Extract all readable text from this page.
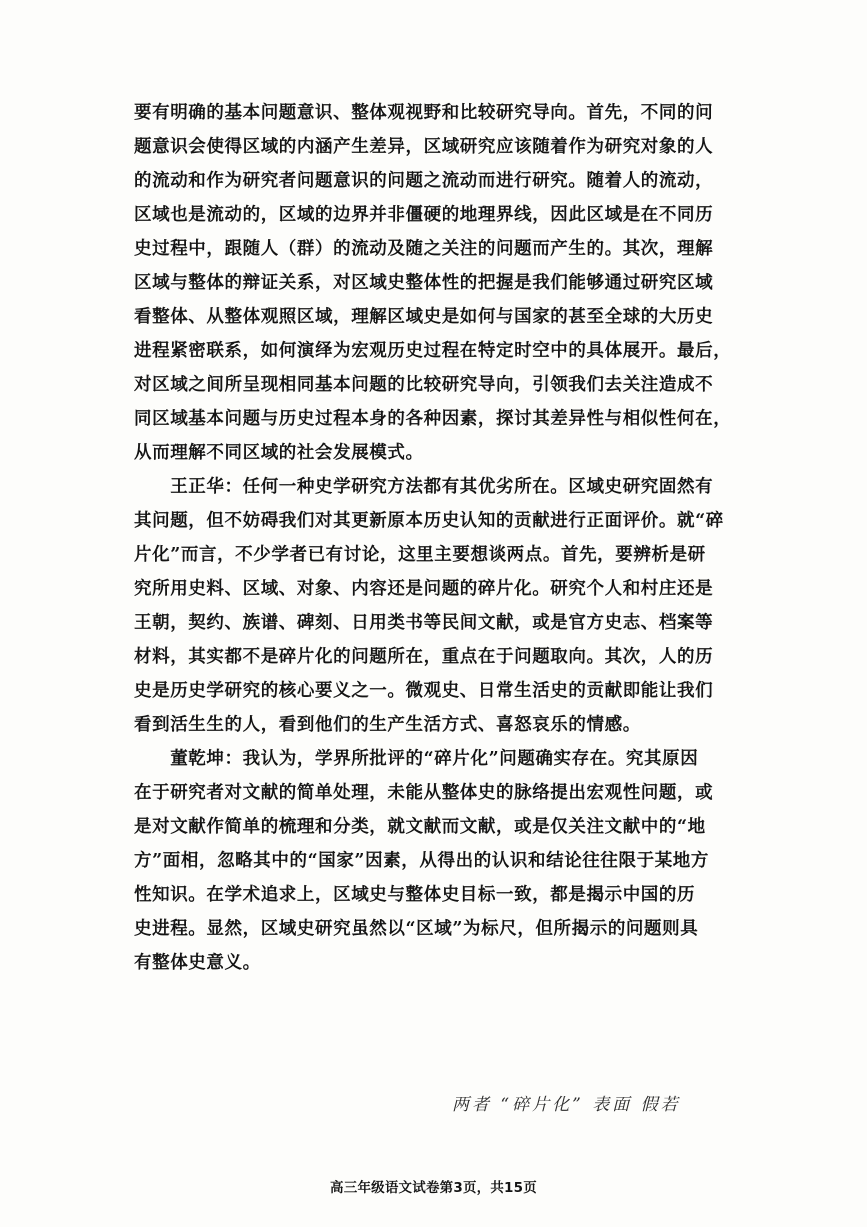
要有明确的基本问题意识、整体观视野和比较研究导向。首先，不同的问
题意识会使得区域的内涵产生差异，区域研究应该随着作为研究对象的人
的流动和作为研究者问题意识的问题之流动而进行研究。随着人的流动，
区域也是流动的，区域的边界并非僵硬的地理界线，因此区域是在不同历
史过程中，跟随人（群）的流动及随之关注的问题而产生的。其次，理解
区域与整体的辩证关系，对区域史整体性的把握是我们能够通过研究区域
看整体、从整体观照区域，理解区域史是如何与国家的甚至全球的大历史
进程紧密联系，如何演绎为宏观历史过程在特定时空中的具体展开。最后，
对区域之间所呈现相同基本问题的比较研究导向，引领我们去关注造成不
同区域基本问题与历史过程本身的各种因素，探讨其差异性与相似性何在，
从而理解不同区域的社会发展模式。
　　王正华：任何一种史学研究方法都有其优劣所在。区域史研究固然有
其问题，但不妨碍我们对其更新原本历史认知的贡献进行正面评价。就“碎
片化”而言，不少学者已有讨论，这里主要想谈两点。首先，要辨析是研
究所用史料、区域、对象、内容还是问题的碎片化。研究个人和村庄还是
王朝，契约、族谱、碑刻、日用类书等民间文献，或是官方史志、档案等
材料，其实都不是碎片化的问题所在，重点在于问题取向。其次，人的历
史是历史学研究的核心要义之一。微观史、日常生活史的贡献即能让我们
看到活生生的人，看到他们的生产生活方式、喜怒哀乐的情感。
　　董乾坤：我认为，学界所批评的“碎片化”问题确实存在。究其原因
在于研究者对文献的简单处理，未能从整体史的脉络提出宏观性问题，或
是对文献作简单的梳理和分类，就文献而文献，或是仅关注文献中的“地
方”面相，忽略其中的“国家”因素，从得出的认识和结论往往限于某地方
性知识。在学术追求上，区域史与整体史目标一致，都是揭示中国的历
史进程。显然，区域史研究虽然以“区域”为标尺，但所揭示的问题则具
有整体史意义。
两者 “碎片化” 表面 假若
高三年级语文试卷第3页，共15页
